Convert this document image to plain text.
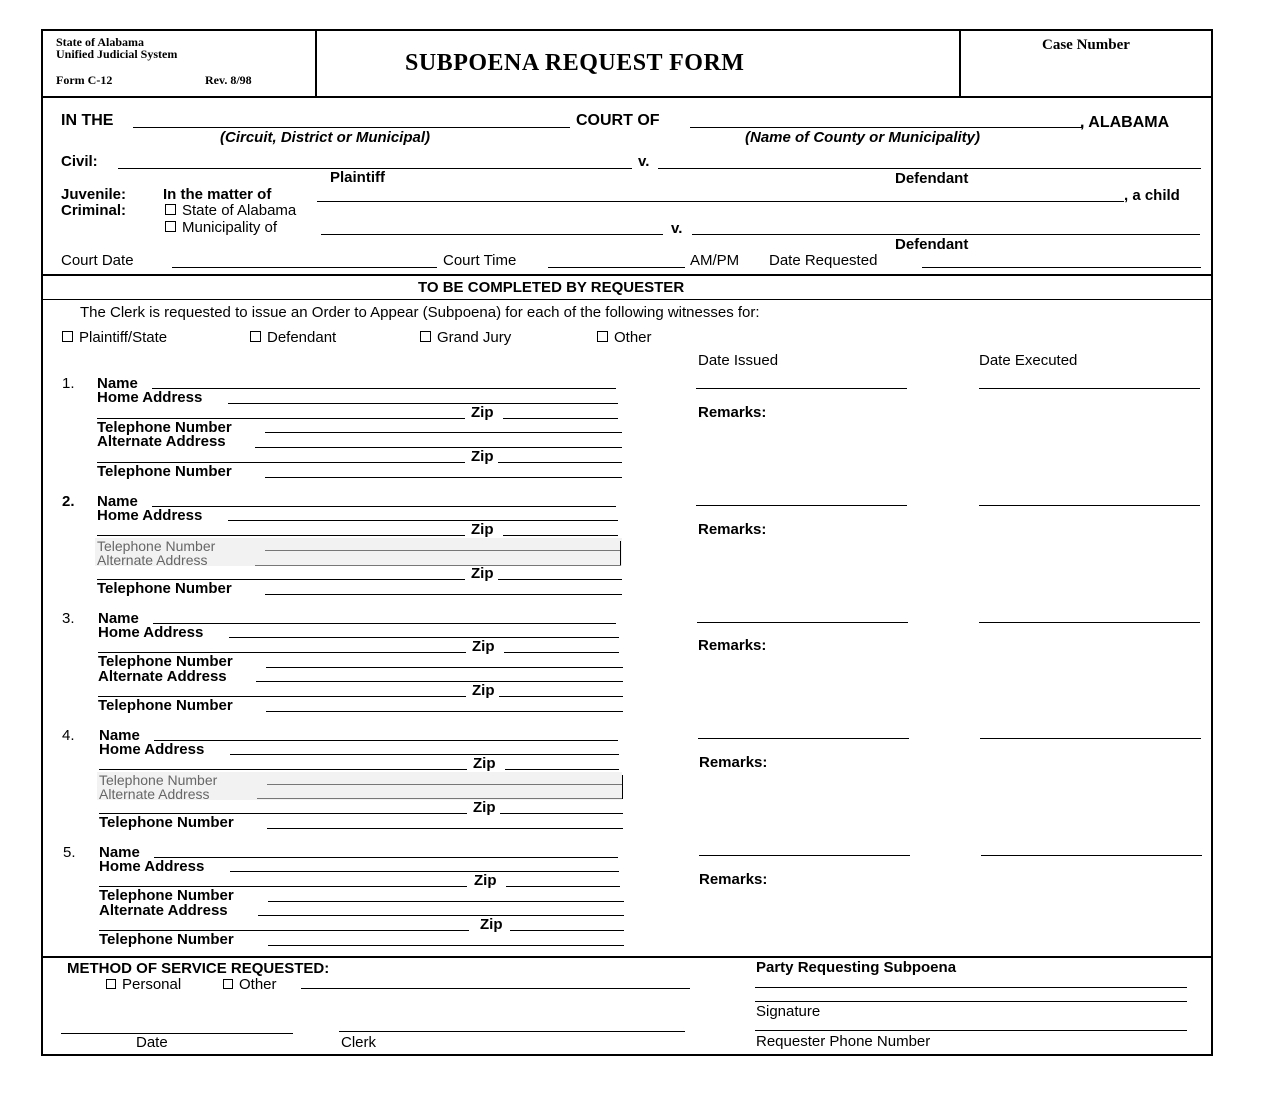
State of Alabama
Unified Judicial System
Form C-12	Rev. 8/98
SUBPOENA REQUEST FORM
Case Number
IN THE
(Circuit, District or Municipal)
COURT OF
(Name of County or Municipality)
, ALABAMA
Civil:
Plaintiff
v.
Defendant
Juvenile: In the matter of	, a child
Criminal:	State of Alabama
Municipality of	v.
Defendant
Court Date	Court Time	AM/PM Date Requested
TO BE COMPLETED BY REQUESTER
The Clerk is requested to issue an Order to Appear (Subpoena) for each of the following witnesses for:
Plaintiff/State	Defendant	Grand Jury	Other
Date Issued	Date Executed
1. Name
Home Address
Zip
Telephone Number
Alternate Address
Zip
Telephone Number
Remarks:
2. Name
Home Address
Zip
Telephone Number
Alternate Address
Zip
Telephone Number
Remarks:
3. Name
Home Address
Zip
Telephone Number
Alternate Address
Zip
Telephone Number
Remarks:
4. Name
Home Address
Zip
Telephone Number
Alternate Address
Zip
Telephone Number
Remarks:
5. Name
Home Address
Zip
Telephone Number
Alternate Address
Zip
Telephone Number
Remarks:
METHOD OF SERVICE REQUESTED:
Personal	Other
Date	Clerk
Party Requesting Subpoena
Signature
Requester Phone Number
